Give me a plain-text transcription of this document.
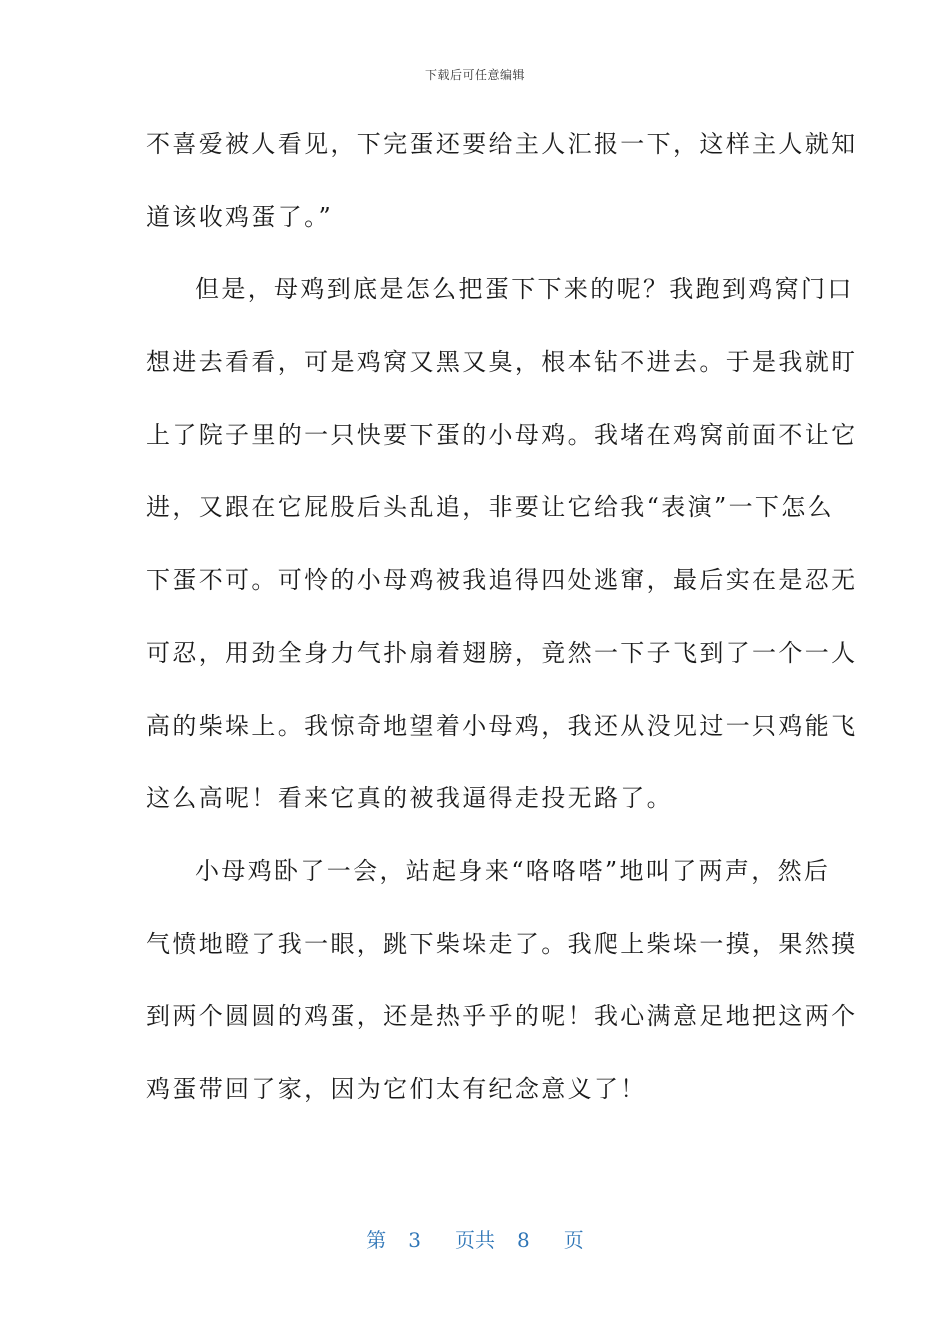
下载后可任意编辑
不喜爱被人看见，下完蛋还要给主人汇报一下，这样主人就知
道该收鸡蛋了。”
但是，母鸡到底是怎么把蛋下下来的呢？我跑到鸡窝门口
想进去看看，可是鸡窝又黑又臭，根本钻不进去。于是我就盯
上了院子里的一只快要下蛋的小母鸡。我堵在鸡窝前面不让它
进，又跟在它屁股后头乱追，非要让它给我“表演”一下怎么
下蛋不可。可怜的小母鸡被我追得四处逃窜，最后实在是忍无
可忍，用劲全身力气扑扇着翅膀，竟然一下子飞到了一个一人
高的柴垛上。我惊奇地望着小母鸡，我还从没见过一只鸡能飞
这么高呢！看来它真的被我逼得走投无路了。
小母鸡卧了一会，站起身来“咯咯嗒”地叫了两声，然后
气愤地瞪了我一眼，跳下柴垛走了。我爬上柴垛一摸，果然摸
到两个圆圆的鸡蛋，还是热乎乎的呢！我心满意足地把这两个
鸡蛋带回了家，因为它们太有纪念意义了！
第 3 页共 8 页
